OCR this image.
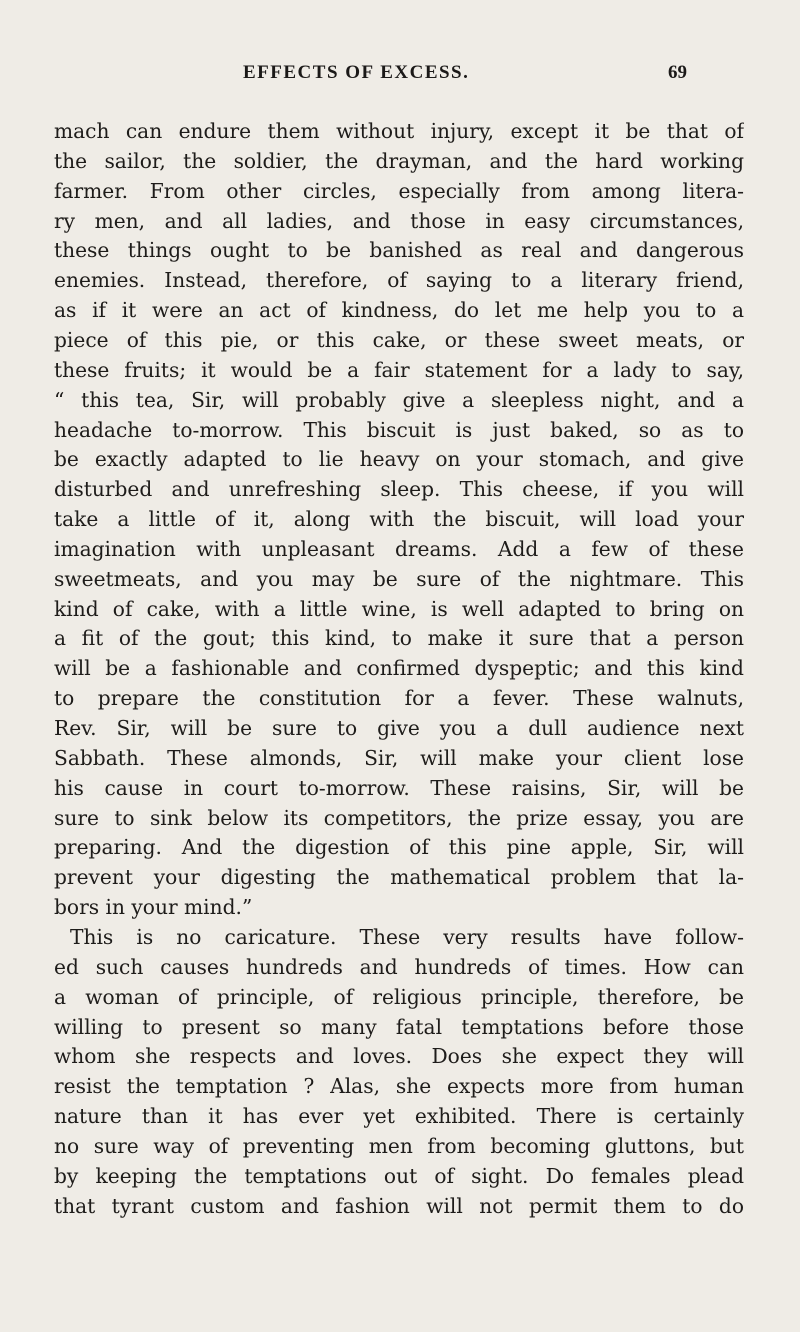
EFFECTS OF EXCESS.	69
mach can endure them without injury, except it be that of
the sailor, the soldier, the drayman, and the hard working
farmer. From other circles, especially from among litera-
ry men, and all ladies, and those in easy circumstances,
these things ought to be banished as real and dangerous
enemies. Instead, therefore, of saying to a literary friend,
as if it were an act of kindness, do let me help you to a
piece of this pie, or this cake, or these sweet meats, or
these fruits; it would be a fair statement for a lady to say,
“ this tea, Sir, will probably give a sleepless night, and a
headache to-morrow. This biscuit is just baked, so as to
be exactly adapted to lie heavy on your stomach, and give
disturbed and unrefreshing sleep. This cheese, if you will
take a little of it, along with the biscuit, will load your
imagination with unpleasant dreams. Add a few of these
sweetmeats, and you may be sure of the nightmare. This
kind of cake, with a little wine, is well adapted to bring on
a fit of the gout; this kind, to make it sure that a person
will be a fashionable and confirmed dyspeptic; and this kind
to prepare the constitution for a fever. These walnuts,
Rev. Sir, will be sure to give you a dull audience next
Sabbath. These almonds, Sir, will make your client lose
his cause in court to-morrow. These raisins, Sir, will be
sure to sink below its competitors, the prize essay, you are
preparing. And the digestion of this pine apple, Sir, will
prevent your digesting the mathematical problem that la-
bors in your mind.”
This is no caricature. These very results have follow-
ed such causes hundreds and hundreds of times. How can
a woman of principle, of religious principle, therefore, be
willing to present so many fatal temptations before those
whom she respects and loves. Does she expect they will
resist the temptation ? Alas, she expects more from human
nature than it has ever yet exhibited. There is certainly
no sure way of preventing men from becoming gluttons, but
by keeping the temptations out of sight. Do females plead
that tyrant custom and fashion will not permit them to do
